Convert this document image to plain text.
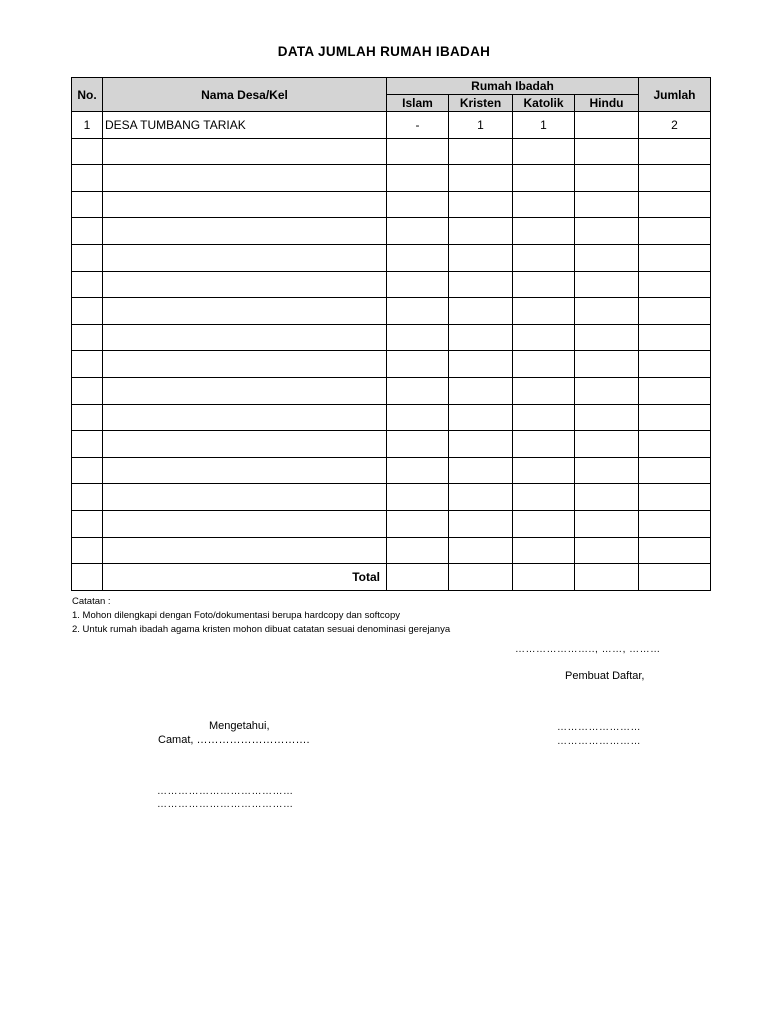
DATA JUMLAH RUMAH IBADAH
No.	Nama Desa/Kel	Rumah Ibadah				Jumlah
		Islam	Kristen	Katolik	Hindu	
1	DESA TUMBANG TARIAK	-	1	1		2

	Total					
Catatan :
1. Mohon dilengkapi dengan Foto/dokumentasi berupa hardcopy dan softcopy
2. Untuk rumah ibadah agama kristen mohon dibuat catatan sesuai denominasi gerejanya
………………….., ……, ………
Pembuat Daftar,
Mengetahui,
Camat, ………………………….
……………………
……………………
…………………………………
…………………………………
